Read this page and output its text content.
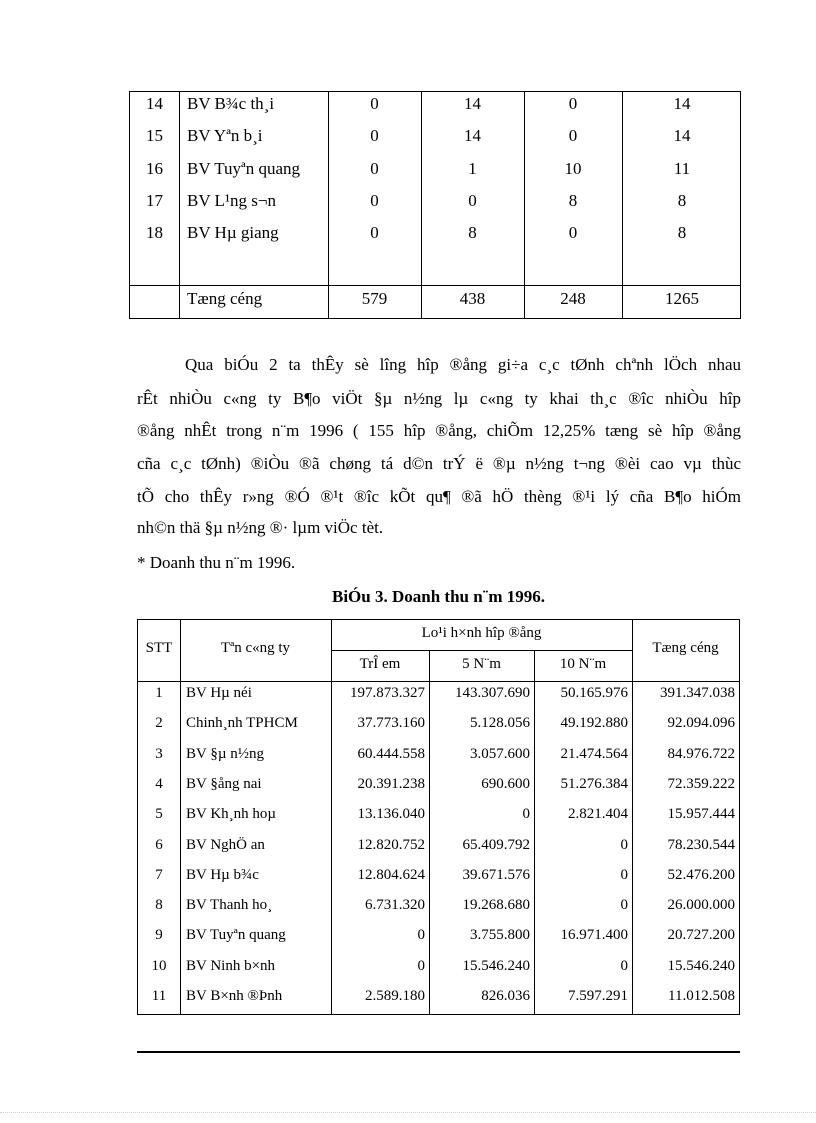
14	BV B¾c th¸i	0	14	0	14
15	BV Yªn b¸i	0	14	0	14
16	BV Tuyªn quang	0	1	10	11
17	BV L¹ng s¬n	0	0	8	8
18	BV Hµ giang	0	8	0	8
Tæng céng	579	438	248	1265
Qua biÓu 2 ta thÊy sè lîng hîp ®ång gi÷a c¸c tØnh chªnh lÖch nhau
rÊt nhiÒu c«ng ty B¶o viÖt §µ n½ng lµ c«ng ty khai th¸c ®îc nhiÒu hîp
®ång nhÊt trong n¨m 1996 ( 155 hîp ®ång, chiÕm 12,25% tæng sè hîp ®ång
cña c¸c tØnh) ®iÒu ®ã chøng tá d©n trÝ ë ®µ n½ng t¬ng ®èi cao vµ thùc
tÕ cho thÊy r»ng ®Ó ®¹t ®îc kÕt qu¶ ®ã hÖ thèng ®¹i lý cña B¶o hiÓm
nh©n thä §µ n½ng ®· lµm viÖc tèt.
* Doanh thu n¨m 1996.
BiÓu 3. Doanh thu n¨m 1996.
STT	Tªn c«ng ty
Lo¹i h×nh hîp ®ång
TrÎ em	5 N¨m	10 N¨m
Tæng céng
1	BV Hµ néi	197.873.327	143.307.690	50.165.976	391.347.038
2	Chinh¸nh TPHCM	37.773.160	5.128.056	49.192.880	92.094.096
3	BV §µ n½ng	60.444.558	3.057.600	21.474.564	84.976.722
4	BV §ång nai	20.391.238	690.600	51.276.384	72.359.222
5	BV Kh¸nh hoµ	13.136.040	0	2.821.404	15.957.444
6	BV NghÖ an	12.820.752	65.409.792	0	78.230.544
7	BV Hµ b¾c	12.804.624	39.671.576	0	52.476.200
8	BV Thanh ho¸	6.731.320	19.268.680	0	26.000.000
9	BV Tuyªn quang	0	3.755.800	16.971.400	20.727.200
10	BV Ninh b×nh	0	15.546.240	0	15.546.240
11	BV B×nh ®Þnh	2.589.180	826.036	7.597.291	11.012.508
